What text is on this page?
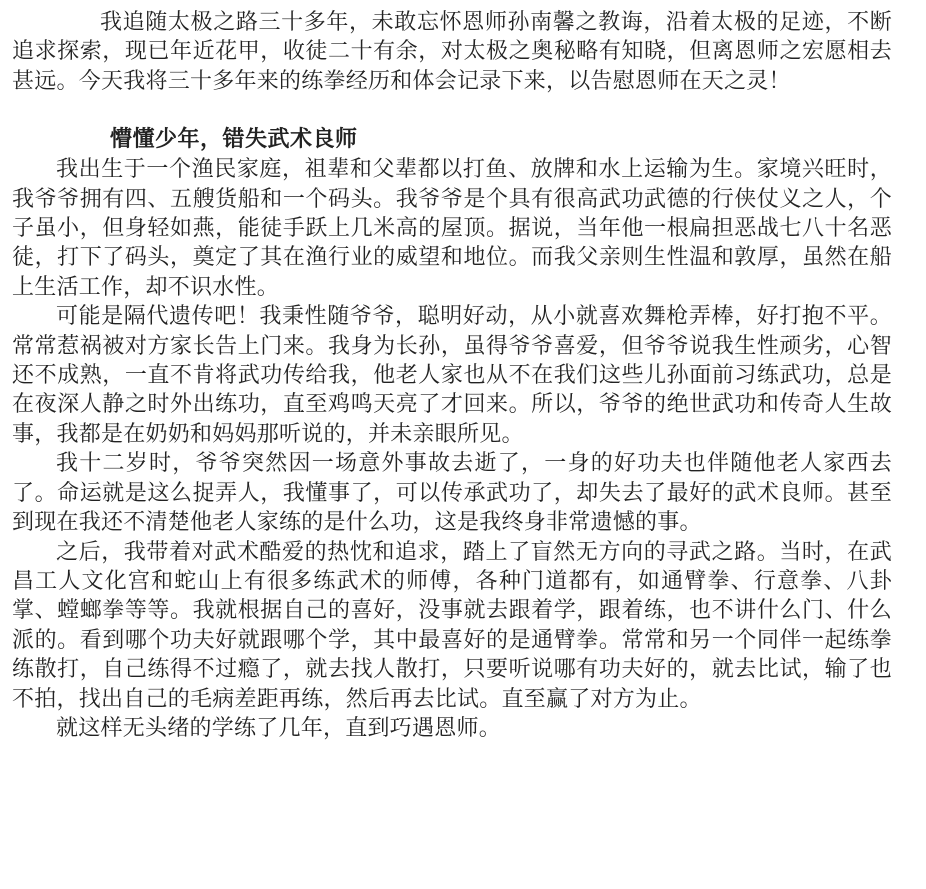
我追随太极之路三十多年，未敢忘怀恩师孙南馨之教诲，沿着太极的足迹，不断追求探索，现已年近花甲，收徒二十有余，对太极之奥秘略有知晓，但离恩师之宏愿相去甚远。今天我将三十多年来的练拳经历和体会记录下来，以告慰恩师在天之灵！

懵懂少年，错失武术良师

我出生于一个渔民家庭，祖辈和父辈都以打鱼、放牌和水上运输为生。家境兴旺时，我爷爷拥有四、五艘货船和一个码头。我爷爷是个具有很高武功武德的行侠仗义之人，个子虽小，但身轻如燕，能徒手跃上几米高的屋顶。据说，当年他一根扁担恶战七八十名恶徒，打下了码头，奠定了其在渔行业的威望和地位。而我父亲则生性温和敦厚，虽然在船上生活工作，却不识水性。

可能是隔代遗传吧！我秉性随爷爷，聪明好动，从小就喜欢舞枪弄棒，好打抱不平。常常惹祸被对方家长告上门来。我身为长孙，虽得爷爷喜爱，但爷爷说我生性顽劣，心智还不成熟，一直不肯将武功传给我，他老人家也从不在我们这些儿孙面前习练武功，总是在夜深人静之时外出练功，直至鸡鸣天亮了才回来。所以，爷爷的绝世武功和传奇人生故事，我都是在奶奶和妈妈那听说的，并未亲眼所见。

我十二岁时，爷爷突然因一场意外事故去逝了，一身的好功夫也伴随他老人家西去了。命运就是这么捉弄人，我懂事了，可以传承武功了，却失去了最好的武术良师。甚至到现在我还不清楚他老人家练的是什么功，这是我终身非常遗憾的事。

之后，我带着对武术酷爱的热忱和追求，踏上了盲然无方向的寻武之路。当时，在武昌工人文化宫和蛇山上有很多练武术的师傅，各种门道都有，如通臂拳、行意拳、八卦掌、螳螂拳等等。我就根据自己的喜好，没事就去跟着学，跟着练，也不讲什么门、什么派的。看到哪个功夫好就跟哪个学，其中最喜好的是通臂拳。常常和另一个同伴一起练拳练散打，自己练得不过瘾了，就去找人散打，只要听说哪有功夫好的，就去比试，输了也不拍，找出自己的毛病差距再练，然后再去比试。直至赢了对方为止。

就这样无头绪的学练了几年，直到巧遇恩师。
